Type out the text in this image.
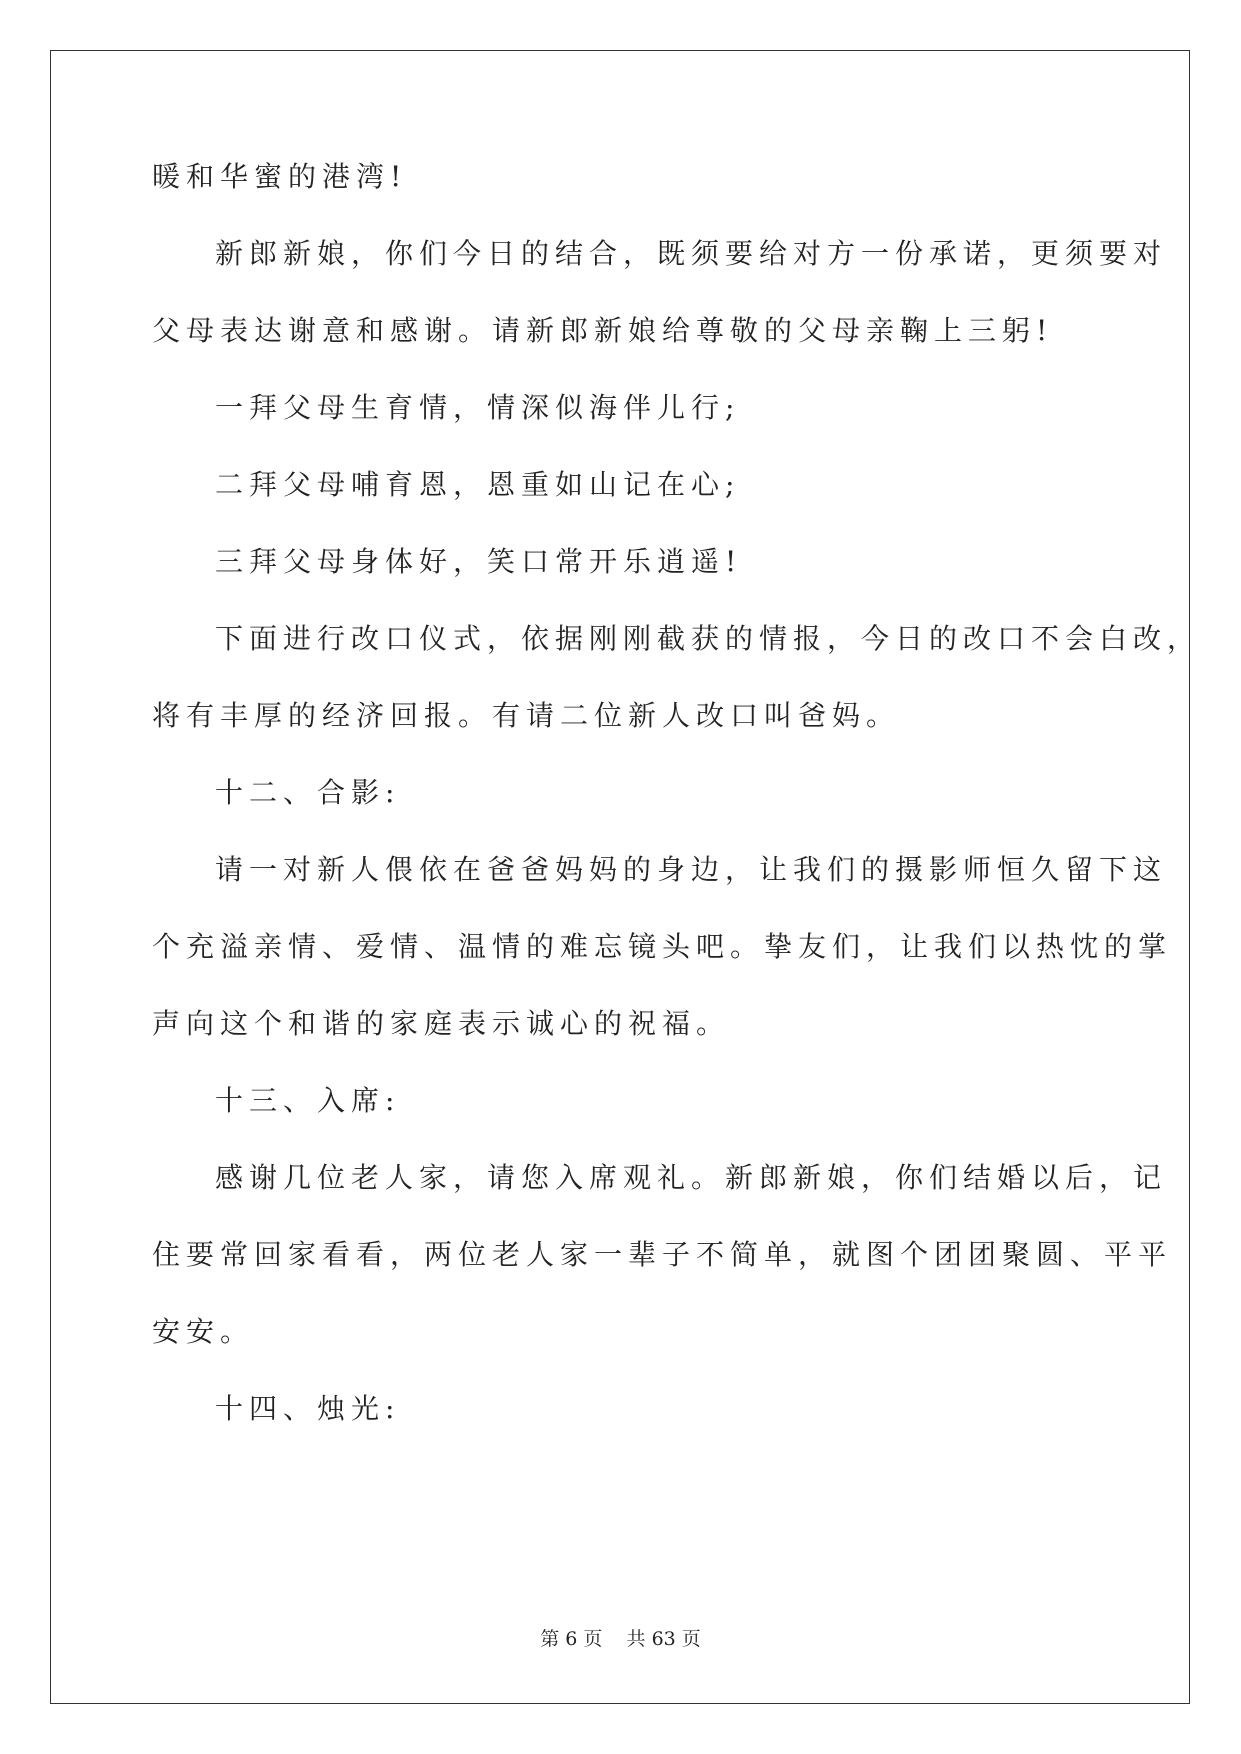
暖和华蜜的港湾!
新郎新娘，你们今日的结合，既须要给对方一份承诺，更须要对
父母表达谢意和感谢。请新郎新娘给尊敬的父母亲鞠上三躬!
一拜父母生育情，情深似海伴儿行;
二拜父母哺育恩，恩重如山记在心;
三拜父母身体好，笑口常开乐逍遥!
下面进行改口仪式，依据刚刚截获的情报，今日的改口不会白改，
将有丰厚的经济回报。有请二位新人改口叫爸妈。
十二、合影:
请一对新人偎依在爸爸妈妈的身边，让我们的摄影师恒久留下这
个充溢亲情、爱情、温情的难忘镜头吧。挚友们，让我们以热忱的掌
声向这个和谐的家庭表示诚心的祝福。
十三、入席:
感谢几位老人家，请您入席观礼。新郎新娘，你们结婚以后，记
住要常回家看看，两位老人家一辈子不简单，就图个团团聚圆、平平
安安。
十四、烛光:
第 6 页 共 63 页
